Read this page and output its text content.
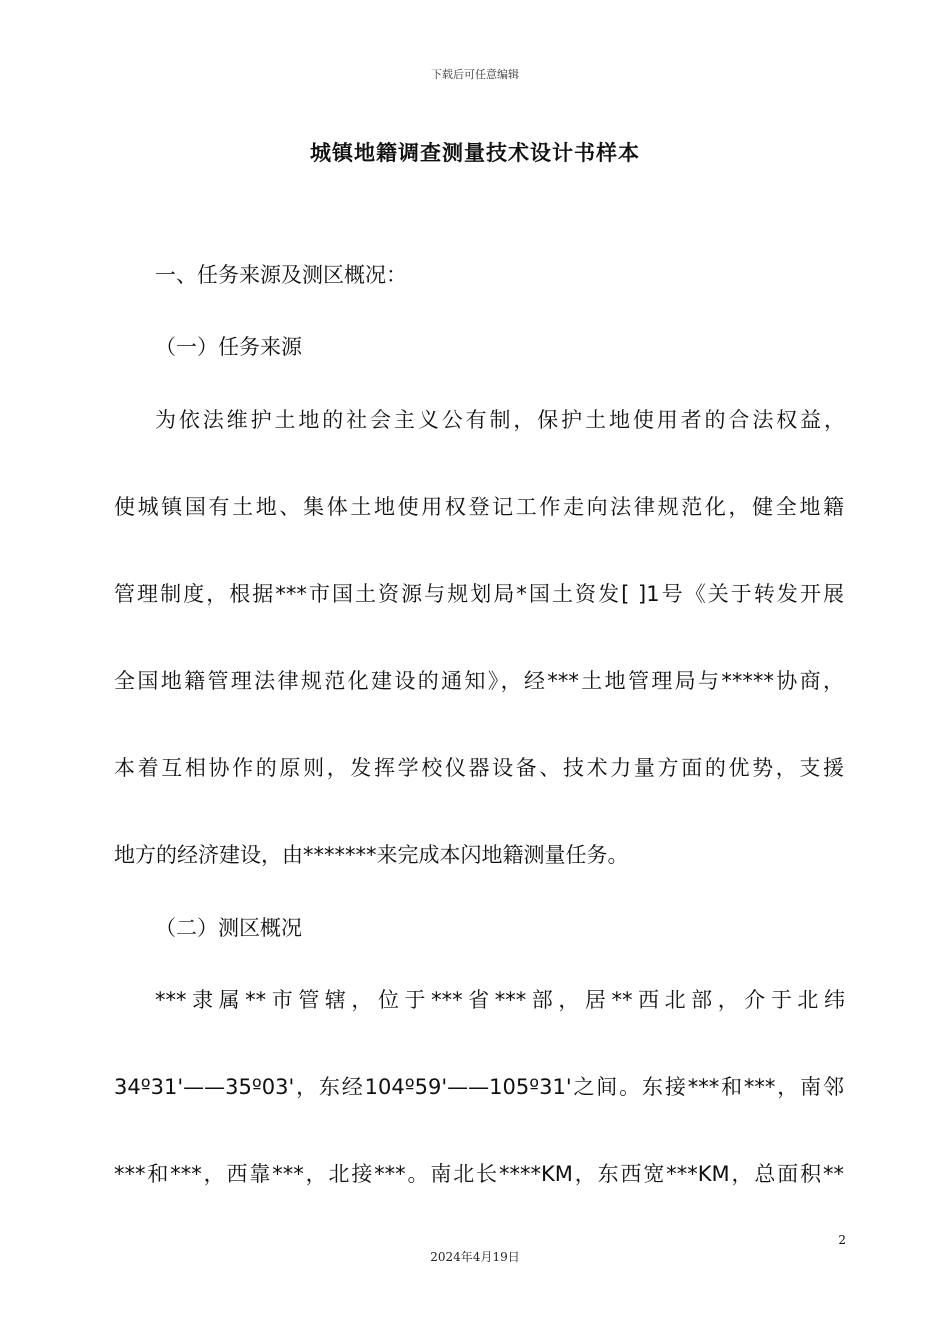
下载后可任意编辑
城镇地籍调查测量技术设计书样本
一、任务来源及测区概况：
（一）任务来源
为依法维护土地的社会主义公有制，保护土地使用者的合法权益，
使城镇国有土地、集体土地使用权登记工作走向法律规范化，健全地籍
管理制度，根据***市国土资源与规划局*国土资发[ ]1号《关于转发开展
全国地籍管理法律规范化建设的通知》，经***土地管理局与*****协商，
本着互相协作的原则，发挥学校仪器设备、技术力量方面的优势，支援
地方的经济建设，由*******来完成本闪地籍测量任务。
（二）测区概况
***隶属**市管辖，位于***省***部，居**西北部，介于北纬
34º31'——35º03'，东经104º59'——105º31'之间。东接***和***，南邻
***和***，西靠***，北接***。南北长****KM，东西宽***KM，总面积**
2
2024年4月19日
